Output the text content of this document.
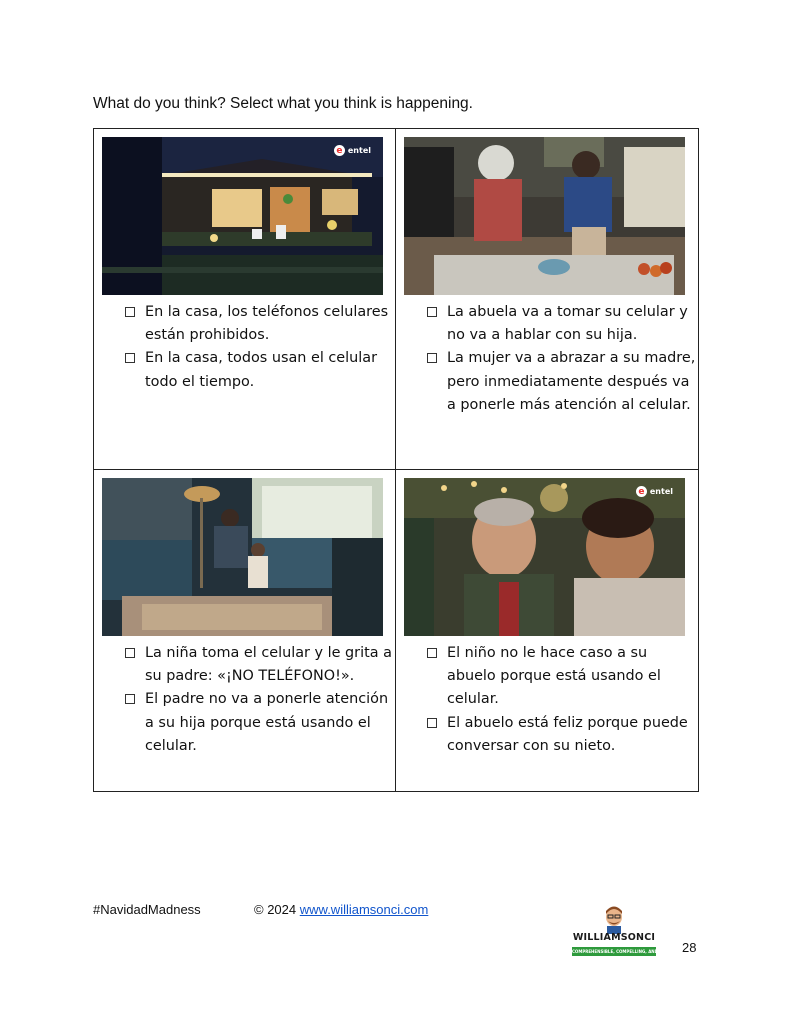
What do you think? Select what you think is happening.
e entel
En la casa, los teléfonos celulares están prohibidos.
En la casa, todos usan el celular todo el tiempo.
La abuela va a tomar su celular y no va a hablar con su hija.
La mujer va a abrazar a su madre, pero inmediatamente después va a ponerle más atención al celular.
La niña toma el celular y le grita a su padre: «¡NO TELÉFONO!».
El padre no va a ponerle atención a su hija porque está usando el celular.
e entel
El niño no le hace caso a su abuelo porque está usando el celular.
El abuelo está feliz porque puede conversar con su nieto.
#NavidadMadness	© 2024 www.williamsonci.com
WILLIAMSONCI
COMPREHENSIBLE, COMPELLING, AND FUN 28
